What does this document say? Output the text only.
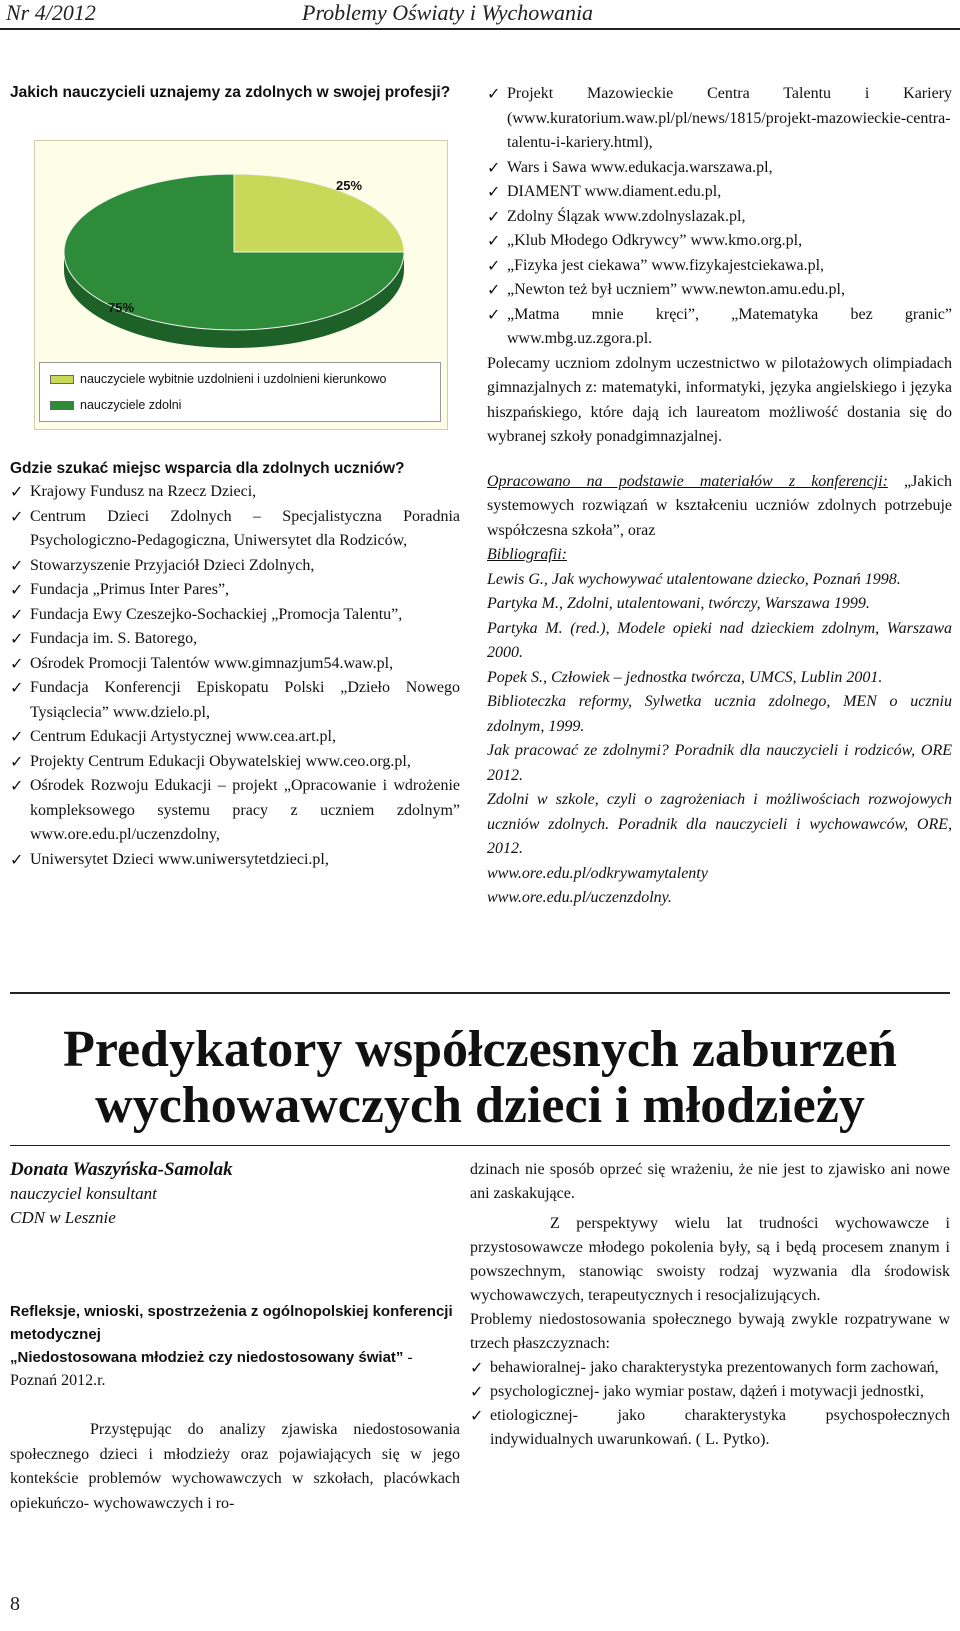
Nr 4/2012	Problemy Oświaty i Wychowania

Jakich nauczycieli uznajemy za zdolnych w swojej profesji?

25%
75%
nauczyciele wybitnie uzdolnieni i uzdolnieni kierunkowo
nauczyciele zdolni

Gdzie szukać miejsc wsparcia dla zdolnych uczniów?

✓ Krajowy Fundusz na Rzecz Dzieci,
✓ Centrum Dzieci Zdolnych – Specjalistyczna Poradnia Psychologiczno-Pedagogiczna, Uniwersytet dla Rodziców,
✓ Stowarzyszenie Przyjaciół Dzieci Zdolnych,
✓ Fundacja „Primus Inter Pares”,
✓ Fundacja Ewy Czeszejko-Sochackiej „Promocja Talentu”,
✓ Fundacja im. S. Batorego,
✓ Ośrodek Promocji Talentów www.gimnazjum54.waw.pl,
✓ Fundacja Konferencji Episkopatu Polski „Dzieło Nowego Tysiąclecia” www.dzielo.pl,
✓ Centrum Edukacji Artystycznej www.cea.art.pl,
✓ Projekty Centrum Edukacji Obywatelskiej www.ceo.org.pl,
✓ Ośrodek Rozwoju Edukacji – projekt „Opracowanie i wdrożenie kompleksowego systemu pracy z uczniem zdolnym” www.ore.edu.pl/uczenzdolny,
✓ Uniwersytet Dzieci www.uniwersytetdzieci.pl,
✓ Projekt Mazowieckie Centra Talentu i Kariery (www.kuratorium.waw.pl/pl/news/1815/projekt-mazowieckie-centra-talentu-i-kariery.html),
✓ Wars i Sawa www.edukacja.warszawa.pl,
✓ DIAMENT www.diament.edu.pl,
✓ Zdolny Ślązak www.zdolnyslazak.pl,
✓ „Klub Młodego Odkrywcy” www.kmo.org.pl,
✓ „Fizyka jest ciekawa” www.fizykajestciekawa.pl,
✓ „Newton też był uczniem” www.newton.amu.edu.pl,
✓ „Matma mnie kręci”, „Matematyka bez granic” www.mbg.uz.zgora.pl.

Polecamy uczniom zdolnym uczestnictwo w pilotażowych olimpiadach gimnazjalnych z: matematyki, informatyki, języka angielskiego i języka hiszpańskiego, które dają ich laureatom możliwość dostania się do wybranej szkoły ponadgimnazjalnej.

Opracowano na podstawie materiałów z konferencji: „Jakich systemowych rozwiązań w kształceniu uczniów zdolnych potrzebuje współczesna szkoła”, oraz

Bibliografii:

Lewis G., Jak wychowywać utalentowane dziecko, Poznań 1998.

Partyka M., Zdolni, utalentowani, twórczy, Warszawa 1999.

Partyka M. (red.), Modele opieki nad dzieckiem zdolnym, Warszawa 2000.

Popek S., Człowiek – jednostka twórcza, UMCS, Lublin 2001.

Biblioteczka reformy, Sylwetka ucznia zdolnego, MEN o uczniu zdolnym, 1999.

Jak pracować ze zdolnymi? Poradnik dla nauczycieli i rodziców, ORE 2012.

Zdolni w szkole, czyli o zagrożeniach i możliwościach rozwojowych uczniów zdolnych. Poradnik dla nauczycieli i wychowawców, ORE, 2012.

www.ore.edu.pl/odkrywamytalenty

www.ore.edu.pl/uczenzdolny.

Predykatory współczesnych zaburzeń
wychowawczych dzieci i młodzieży
Donata Waszyńska-Samolak
nauczyciel konsultant
CDN w Lesznie
Refleksje, wnioski, spostrzeżenia z ogólnopolskiej konferencji metodycznej
„Niedostosowana młodzież czy niedostosowany świat” - Poznań 2012.r.

Przystępując do analizy zjawiska niedostosowania społecznego dzieci i młodzieży oraz pojawiających się w jego kontekście problemów wychowawczych w szkołach, placówkach opiekuńczo- wychowawczych i ro-

dzinach nie sposób oprzeć się wrażeniu, że nie jest to zjawisko ani nowe ani zaskakujące.

Z perspektywy wielu lat trudności wychowawcze i przystosowawcze młodego pokolenia były, są i będą procesem znanym i powszechnym, stanowiąc swoisty rodzaj wyzwania dla środowisk wychowawczych, terapeutycznych i resocjalizujących.

Problemy niedostosowania społecznego bywają zwykle rozpatrywane w trzech płaszczyznach:

✓ behawioralnej- jako charakterystyka prezentowanych form zachowań,
✓ psychologicznej- jako wymiar postaw, dążeń i motywacji jednostki,
✓ etiologicznej- jako charakterystyka psychospołecznych indywidualnych uwarunkowań. ( L. Pytko).
8
